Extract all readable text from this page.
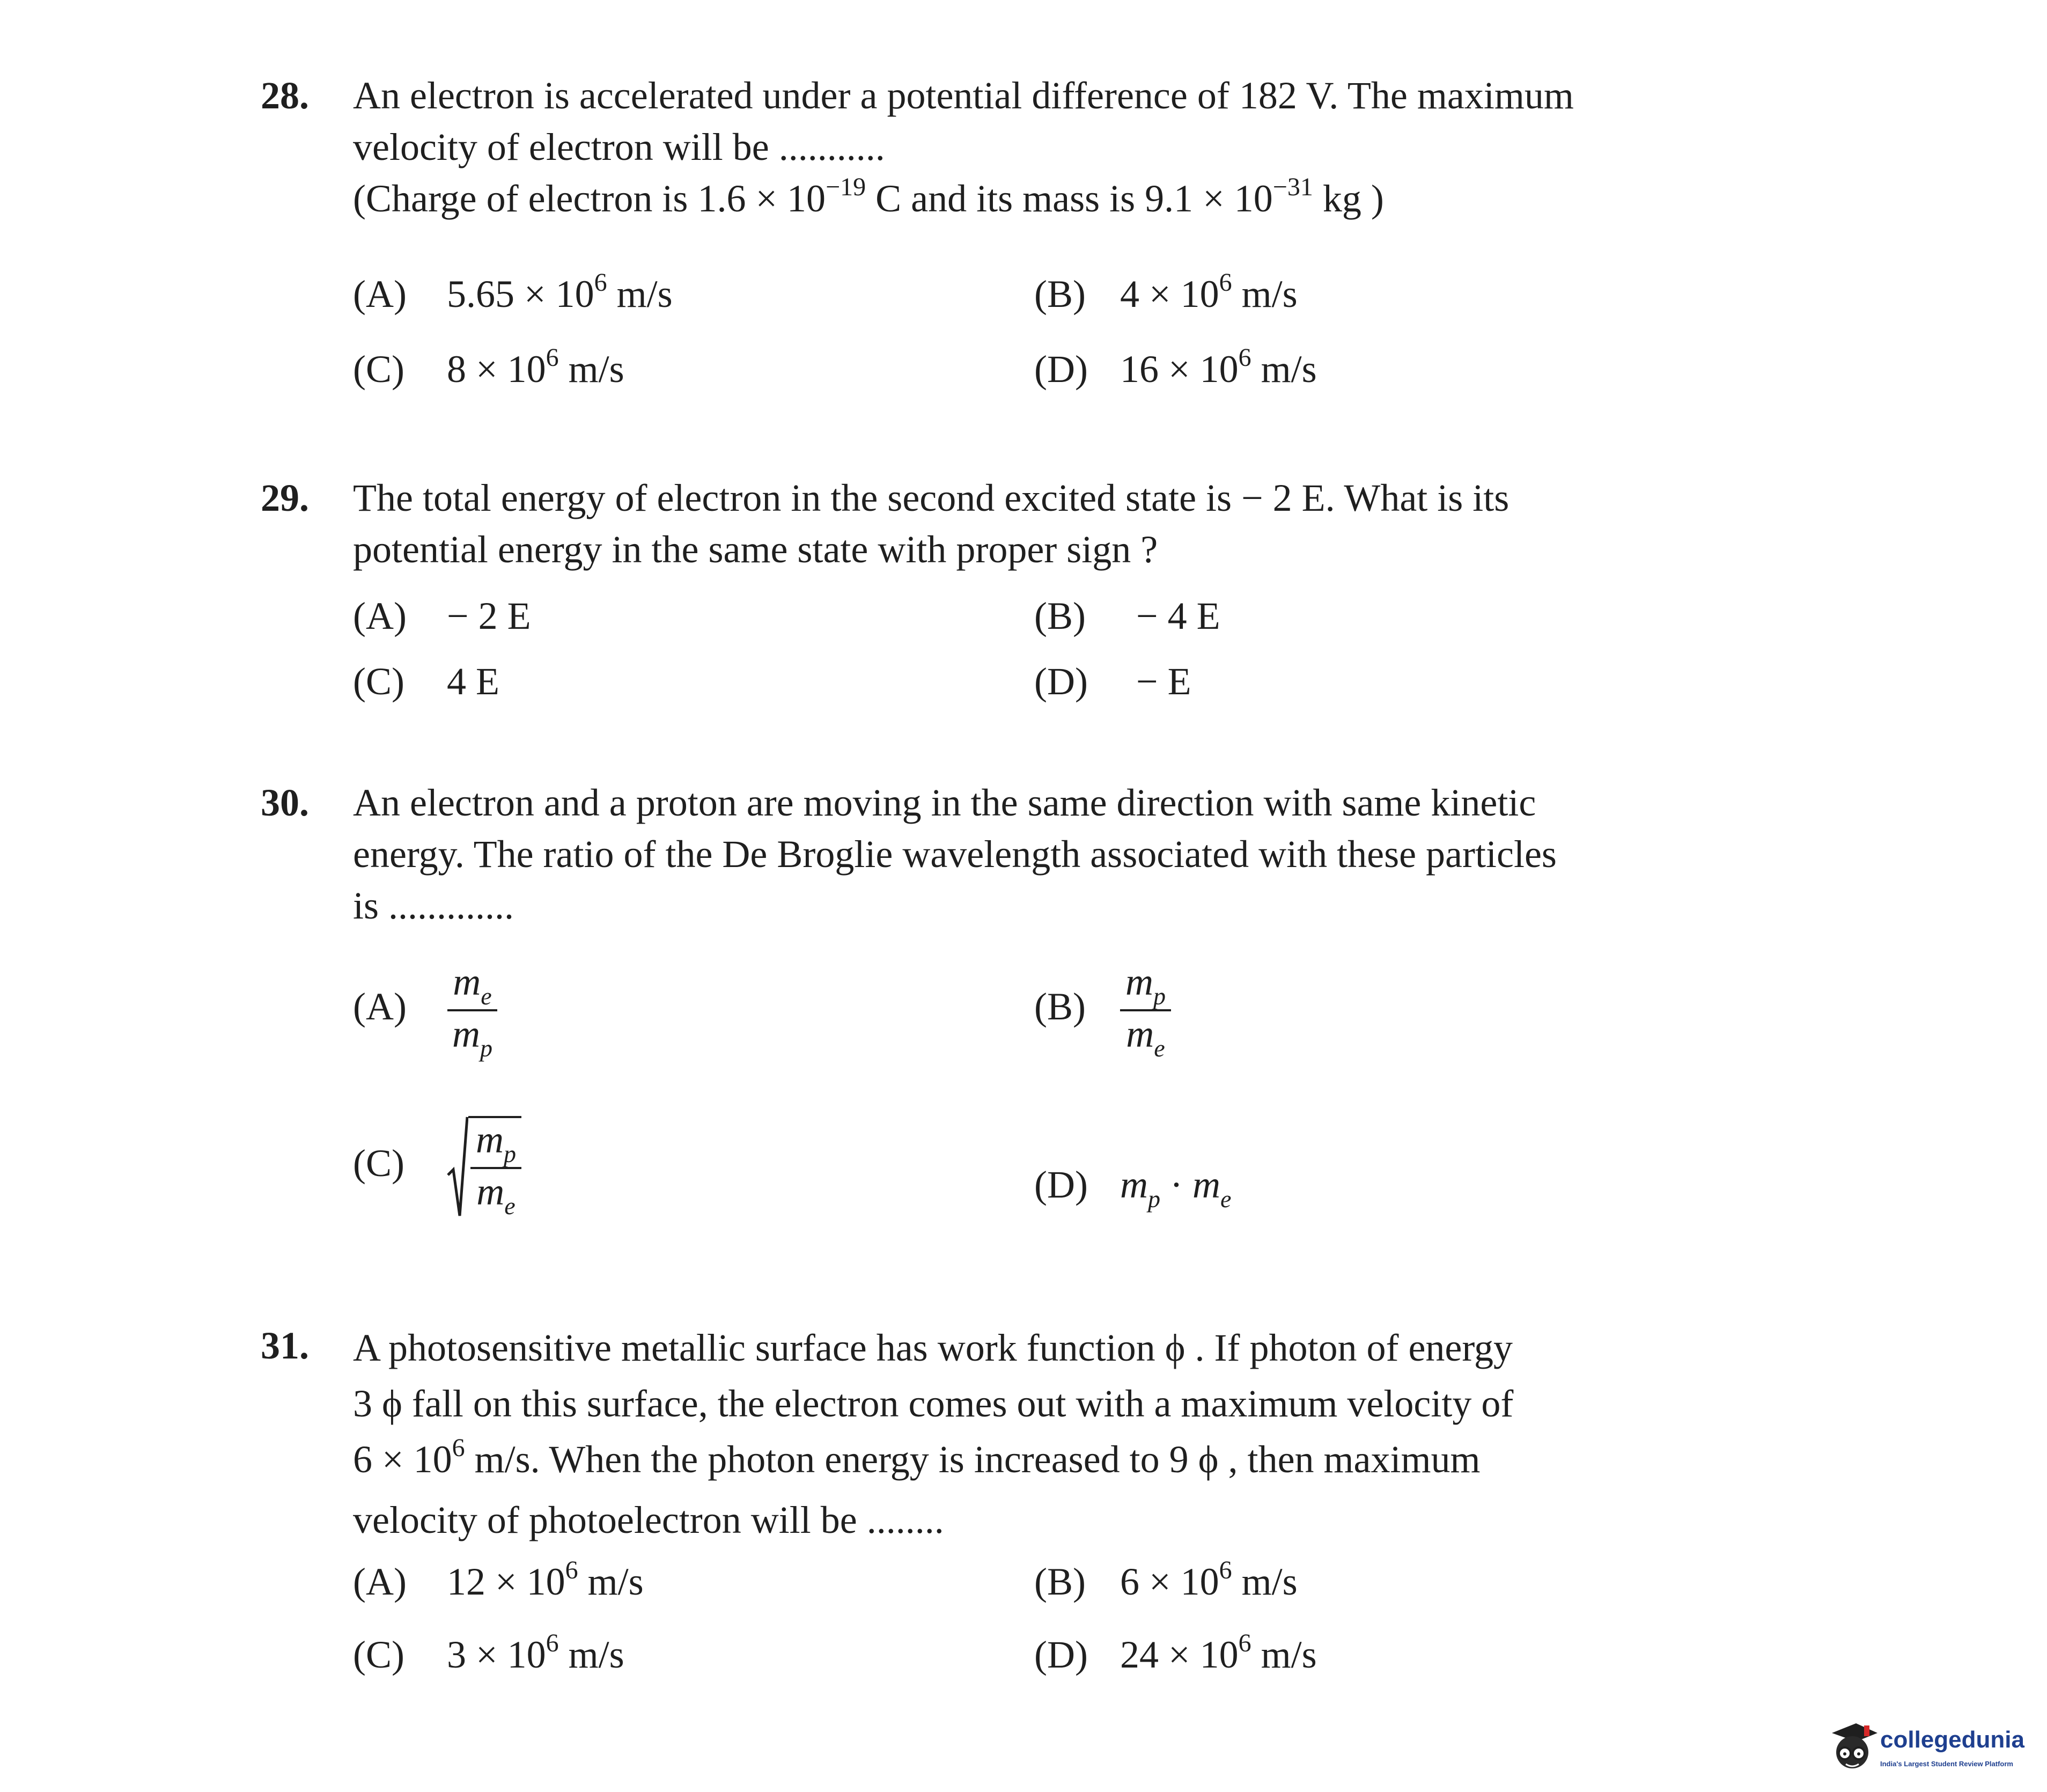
28. An electron is accelerated under a potential difference of 182 V. The maximum

velocity of electron will be ...........

(Charge of electron is $1.6 \times 10^{-19}$ C and its mass is $9.1 \times 10^{-31}$ kg )

(A) $5.65 \times 10^6$ m/s	(B) $4 \times 10^6$ m/s
(C) $8 \times 10^6$ m/s	(D) $16 \times 10^6$ m/s
29. The total energy of electron in the second excited state is − 2 E. What is its

potential energy in the same state with proper sign ?

(A) − 2 E	(B) − 4 E
(C) 4 E	(D) − E
30. An electron and a proton are moving in the same direction with same kinetic

energy. The ratio of the De Broglie wavelength associated with these particles

is .............

$(A) \frac{m_e}{m_p}$	$(B) \frac{m_p}{m_e}$
$(C) \frac{m_p}{m_e}$	(D) $m_p \cdot m_e$
31. A photosensitive metallic surface has work function ϕ . If photon of energy

3 ϕ fall on this surface, the electron comes out with a maximum velocity of

$6 \times 10^6$ m/s. When the photon energy is increased to 9 ϕ , then maximum

velocity of photoelectron will be ........

(A) $12 \times 10^6$ m/s	(B) $6 \times 10^6$ m/s
(C) $3 \times 10^6$ m/s	(D) $24 \times 10^6$ m/s
collegedunia
India's Largest Student Review Platform
